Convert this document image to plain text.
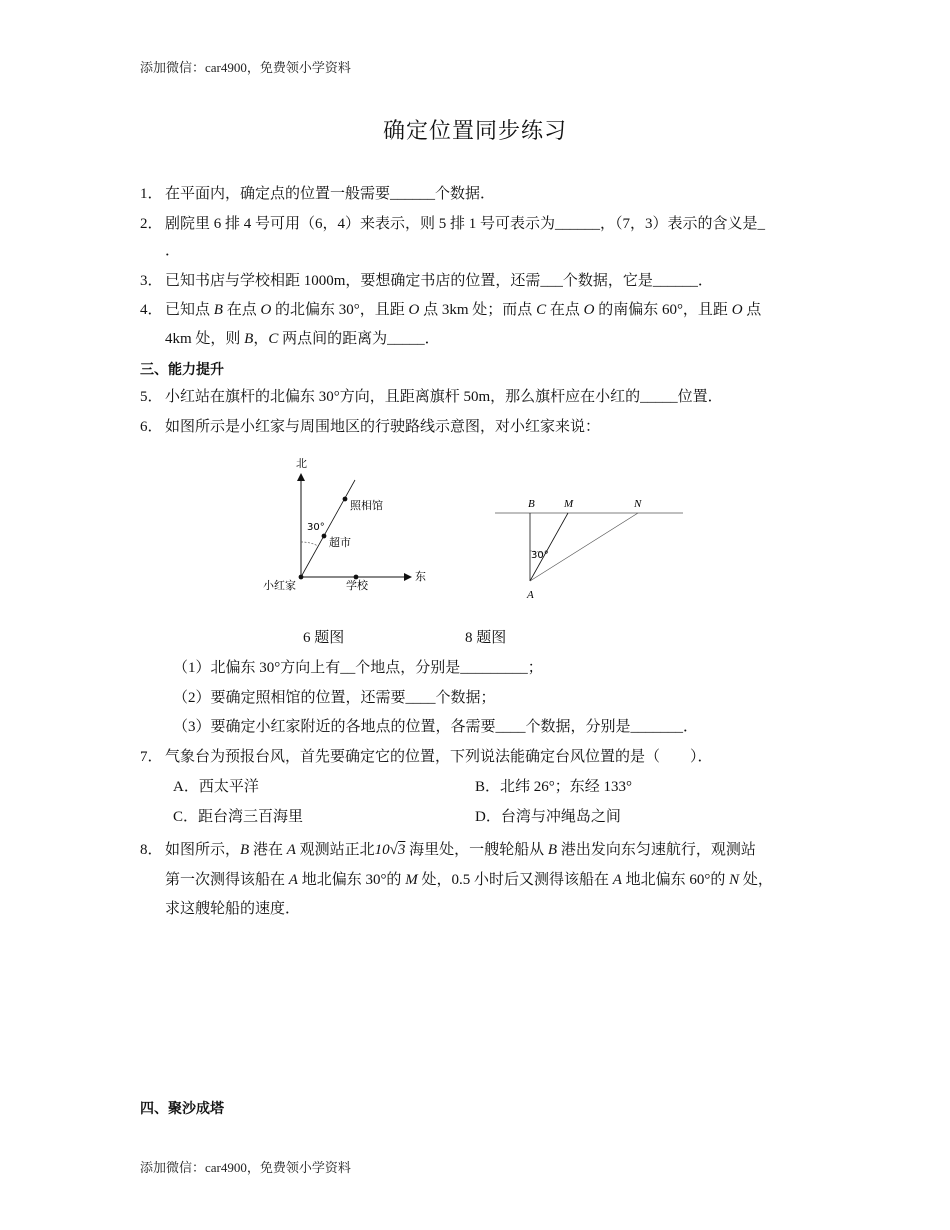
添加微信：car4900，免费领小学资料
确定位置同步练习
1． 在平面内，确定点的位置一般需要______个数据．
2． 剧院里 6 排 4 号可用（6，4）来表示，则 5 排 1 号可表示为______，（7，3）表示的含义是_
．
3． 已知书店与学校相距 1000m，要想确定书店的位置，还需___个数据，它是______．
4． 已知点 B 在点 O 的北偏东 30°，且距 O 点 3km 处；而点 C 在点 O 的南偏东 60°，且距 O 点
4km 处，则 B，C 两点间的距离为_____．
三、能力提升
5． 小红站在旗杆的北偏东 30°方向，且距离旗杆 50m，那么旗杆应在小红的_____位置．
6． 如图所示是小红家与周围地区的行驶路线示意图，对小红家来说：
北
东
30°
照相馆
超市
小红家	学校
B	M	N
A
30°
6 题图	8 题图
（1）北偏东 30°方向上有__个地点，分别是_________；
（2）要确定照相馆的位置，还需要____个数据；
（3）要确定小红家附近的各地点的位置，各需要____个数据，分别是_______．
7． 气象台为预报台风，首先要确定它的位置，下列说法能确定台风位置的是（　　）．
A．西太平洋	B．北纬 26°；东经 133°
C．距台湾三百海里	D．台湾与冲绳岛之间
8． 如图所示，B 港在 A 观测站正北10√3 海里处，一艘轮船从 B 港出发向东匀速航行，观测站
第一次测得该船在 A 地北偏东 30°的 M 处，0.5 小时后又测得该船在 A 地北偏东 60°的 N 处，
求这艘轮船的速度．
四、聚沙成塔
添加微信：car4900，免费领小学资料
